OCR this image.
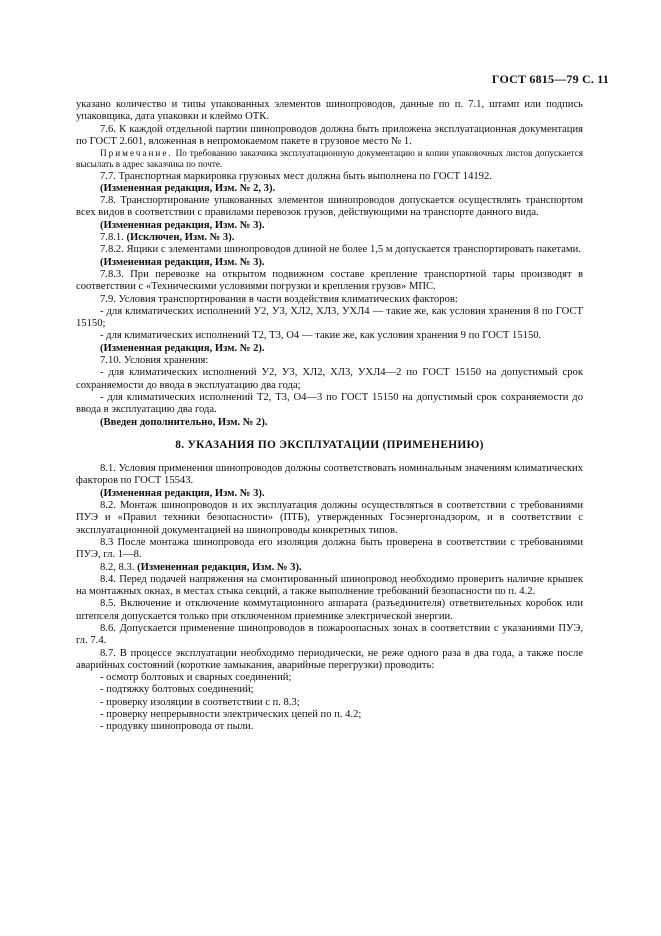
ГОСТ 6815—79 С. 11

указано количество и типы упакованных элементов шинопроводов, данные по п. 7.1, штамп или подпись упаковщика, дата упаковки и клеймо ОТК.

7.6. К каждой отдельной партии шинопроводов должна быть приложена эксплуатационная документация по ГОСТ 2.601, вложенная в непромокаемом пакете в грузовое место № 1.

Примечание. По требованию заказчика эксплуатационную документацию и копии упаковочных листов допускается высылать в адрес заказчика по почте.

7.7. Транспортная маркировка грузовых мест должна быть выполнена по ГОСТ 14192.

(Измененная редакция, Изм. № 2, 3).

7.8. Транспортирование упакованных элементов шинопроводов допускается осуществлять транспортом всех видов в соответствии с правилами перевозок грузов, действующими на транспорте данного вида.

(Измененная редакция, Изм. № 3).

7.8.1. (Исключен, Изм. № 3).

7.8.2. Ящики с элементами шинопроводов длиной не более 1,5 м допускается транспортировать пакетами.

(Измененная редакция, Изм. № 3).

7.8.3. При перевозке на открытом подвижном составе крепление транспортной тары производят в соответствии с «Техническими условиями погрузки и крепления грузов» МПС.

7.9. Условия транспортирования в части воздействия климатических факторов:

- для климатических исполнений У2, У3, ХЛ2, ХЛ3, УХЛ4 — такие же, как условия хранения 8 по ГОСТ 15150;

- для климатических исполнений Т2, Т3, О4 — такие же, как условия хранения 9 по ГОСТ 15150.

(Измененная редакция, Изм. № 2).

7.10. Условия хранения:

- для климатических исполнений У2, У3, ХЛ2, ХЛ3, УХЛ4—2 по ГОСТ 15150 на допустимый срок сохраняемости до ввода в эксплуатацию два года;

- для климатических исполнений Т2, Т3, О4—3 по ГОСТ 15150 на допустимый срок сохраняемости до ввода в эксплуатацию два года.

(Введен дополнительно, Изм. № 2).

8. УКАЗАНИЯ ПО ЭКСПЛУАТАЦИИ (ПРИМЕНЕНИЮ)

8.1. Условия применения шинопроводов должны соответствовать номинальным значениям климатических факторов по ГОСТ 15543.

(Измененная редакция, Изм. № 3).

8.2. Монтаж шинопроводов и их эксплуатация должны осуществляться в соответствии с требованиями ПУЭ и «Правил техники безопасности» (ПТБ), утвержденных Госэнергонадзором, и в соответствии с эксплуатационной документацией на шинопроводы конкретных типов.

8.3 После монтажа шинопровода его изоляция должна быть проверена в соответствии с требованиями ПУЭ, гл. 1—8.

8.2, 8.3. (Измененная редакция, Изм. № 3).

8.4. Перед подачей напряжения на смонтированный шинопровод необходимо проверить наличие крышек на монтажных окнах, в местах стыка секций, а также выполнение требований безопасности по п. 4.2.

8.5. Включение и отключение коммутационного аппарата (разъединителя) ответвительных коробок или штепселя допускается только при отключенном приемнике электрической энергии.

8.6. Допускается применение шинопроводов в пожароопасных зонах в соответствии с указаниями ПУЭ, гл. 7.4.

8.7. В процессе эксплуатации необходимо периодически, не реже одного раза в два года, а также после аварийных состояний (короткие замыкания, аварийные перегрузки) проводить:

- осмотр болтовых и сварных соединений;

- подтяжку болтовых соединений;

- проверку изоляции в соответствии с п. 8.3;

- проверку непрерывности электрических цепей по п. 4.2;

- продувку шинопровода от пыли.
